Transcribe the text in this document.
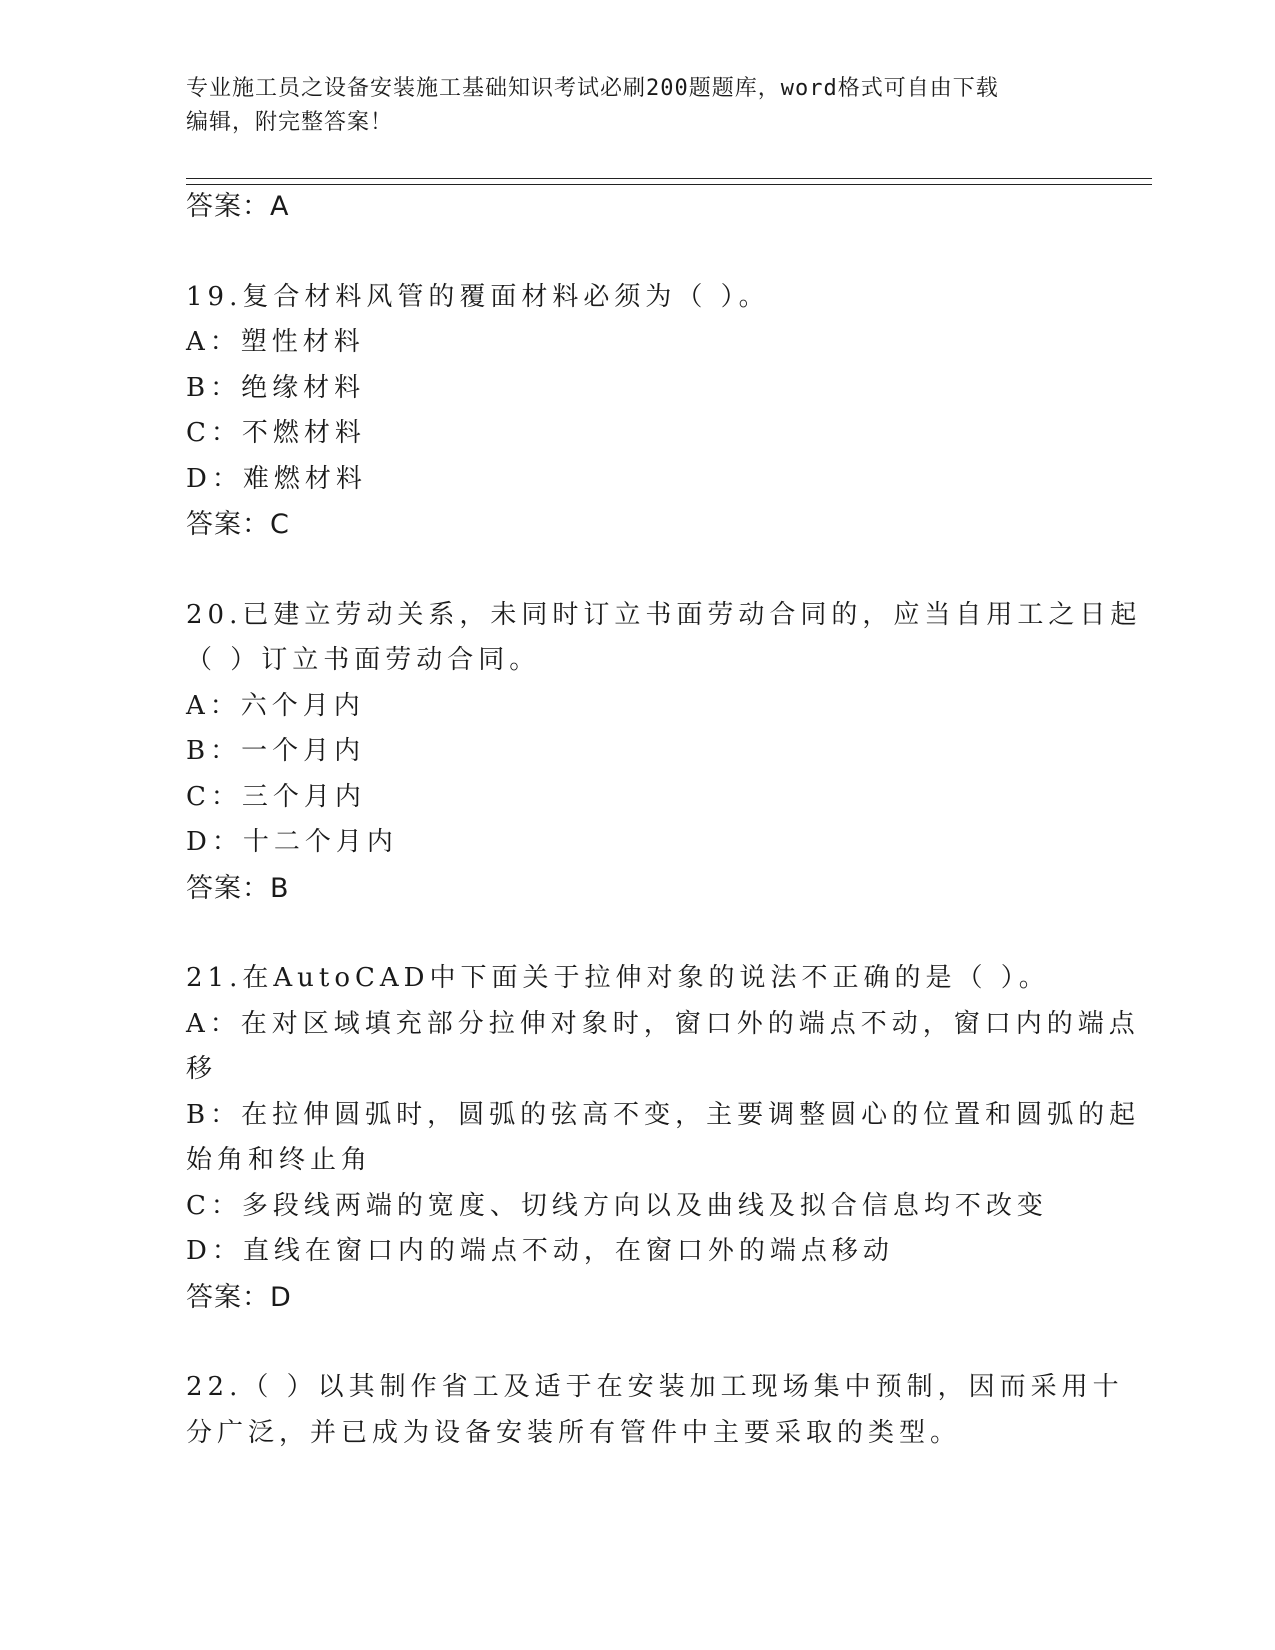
专业施工员之设备安装施工基础知识考试必刷200题题库，word格式可自由下载
编辑，附完整答案！
答案：A
19.复合材料风管的覆面材料必须为（ ）。
A：塑性材料
B：绝缘材料
C：不燃材料
D：难燃材料
答案：C
20.已建立劳动关系，未同时订立书面劳动合同的，应当自用工之日起
（ ）订立书面劳动合同。
A：六个月内
B：一个月内
C：三个月内
D：十二个月内
答案：B
21.在AutoCAD中下面关于拉伸对象的说法不正确的是（ ）。
A：在对区域填充部分拉伸对象时，窗口外的端点不动，窗口内的端点
移
B：在拉伸圆弧时，圆弧的弦高不变，主要调整圆心的位置和圆弧的起
始角和终止角
C：多段线两端的宽度、切线方向以及曲线及拟合信息均不改变
D：直线在窗口内的端点不动，在窗口外的端点移动
答案：D
22.（ ）以其制作省工及适于在安装加工现场集中预制，因而采用十
分广泛，并已成为设备安装所有管件中主要采取的类型。
